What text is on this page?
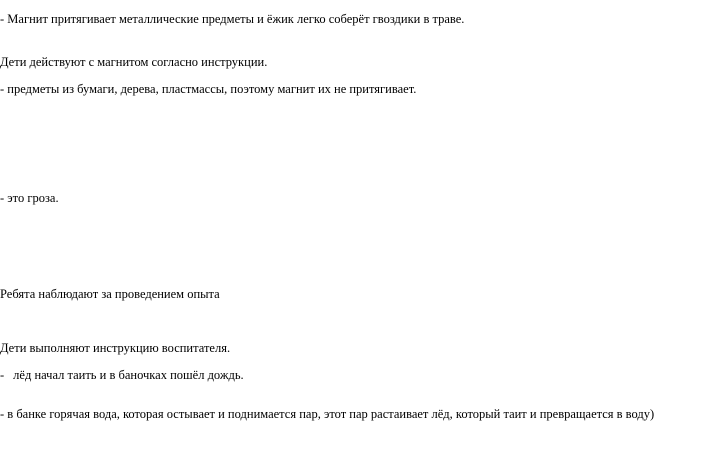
- Магнит притягивает металлические предметы и ёжик легко соберёт гвоздики в траве.
Дети действуют с магнитом согласно инструкции.
- предметы из бумаги, дерева, пластмассы, поэтому магнит их не притягивает.
- это гроза.
Ребята наблюдают за проведением опыта
Дети выполняют инструкцию воспитателя.
- лёд начал таить и в баночках пошёл дождь.
- в банке горячая вода, которая остывает и поднимается пар, этот пар растаивает лёд, который таит и превращается в воду)
